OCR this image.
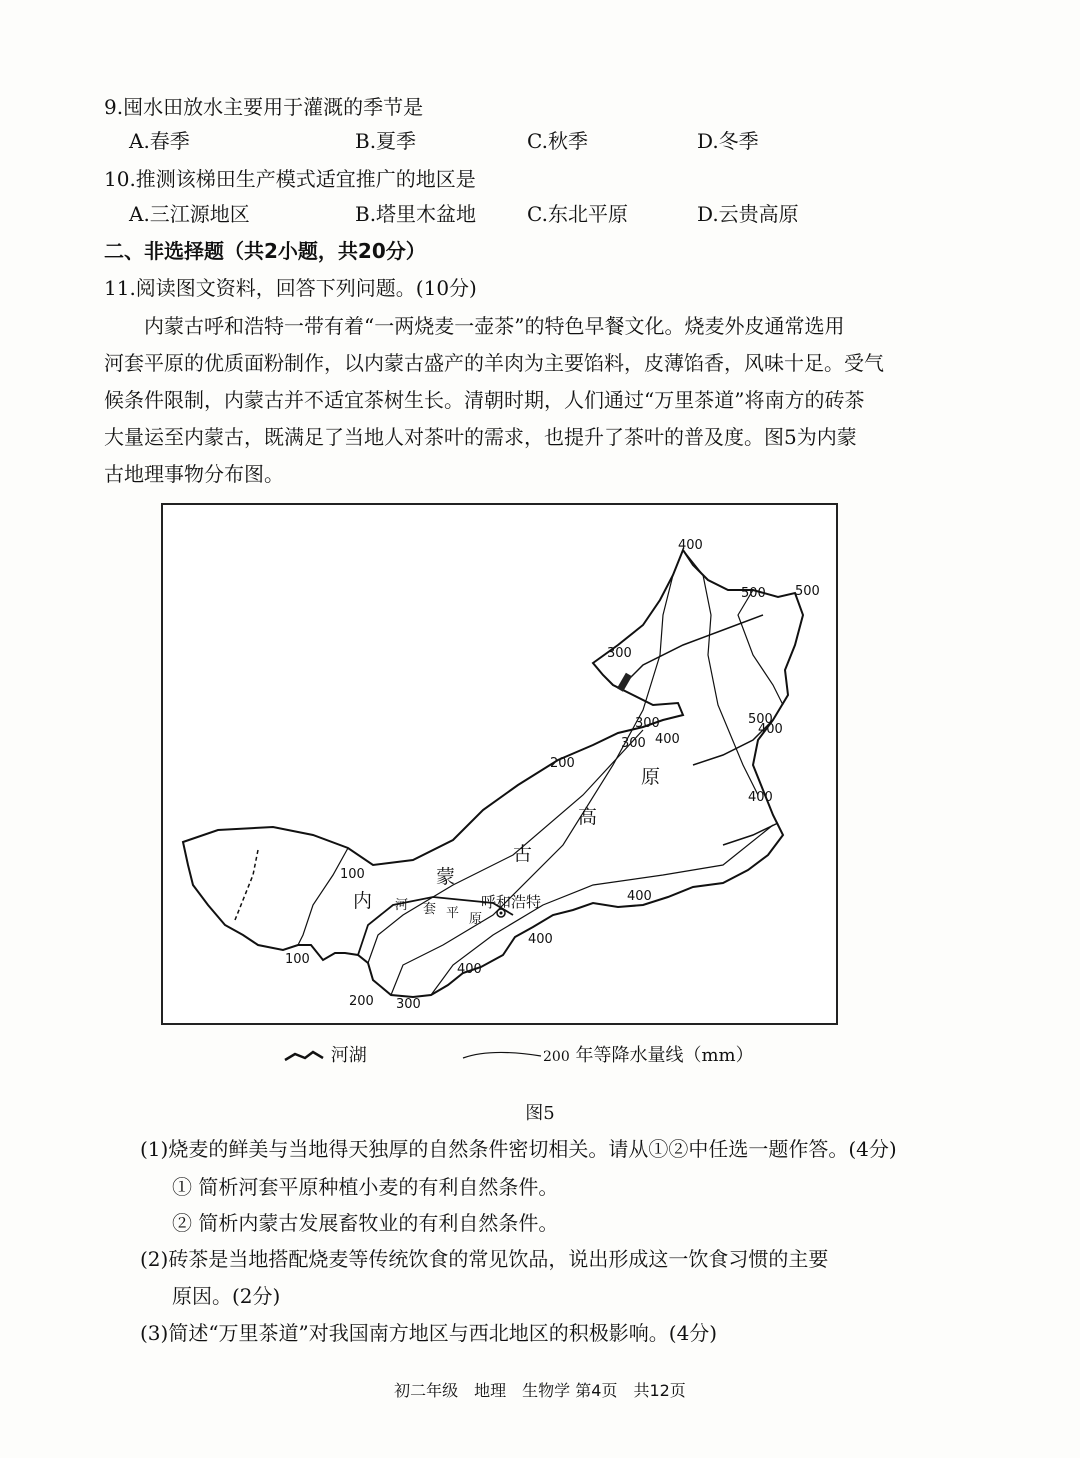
9.囤水田放水主要用于灌溉的季节是
A.春季	B.夏季	C.秋季	D.冬季
10.推测该梯田生产模式适宜推广的地区是
A.三江源地区	B.塔里木盆地	C.东北平原	D.云贵高原
二、非选择题（共2小题，共20分）
11.阅读图文资料，回答下列问题。(10分)
内蒙古呼和浩特一带有着“一两烧麦一壶茶”的特色早餐文化。烧麦外皮通常选用
河套平原的优质面粉制作，以内蒙古盛产的羊肉为主要馅料，皮薄馅香，风味十足。受气
候条件限制，内蒙古并不适宜茶树生长。清朝时期，人们通过“万里茶道”将南方的砖茶
大量运至内蒙古，既满足了当地人对茶叶的需求，也提升了茶叶的普及度。图5为内蒙
古地理事物分布图。
内
蒙
古
高
原
河 套 平 原
呼和浩特
400
500 500
300
300
300 400
500
400
200
400
400
100
100
200 300
400
400
河湖	200 年等降水量线（mm）
图5
(1)烧麦的鲜美与当地得天独厚的自然条件密切相关。请从①②中任选一题作答。(4分)
① 简析河套平原种植小麦的有利自然条件。
② 简析内蒙古发展畜牧业的有利自然条件。
(2)砖茶是当地搭配烧麦等传统饮食的常见饮品，说出形成这一饮食习惯的主要
原因。(2分)
(3)简述“万里茶道”对我国南方地区与西北地区的积极影响。(4分)
初二年级　地理　生物学 第4页　共12页
